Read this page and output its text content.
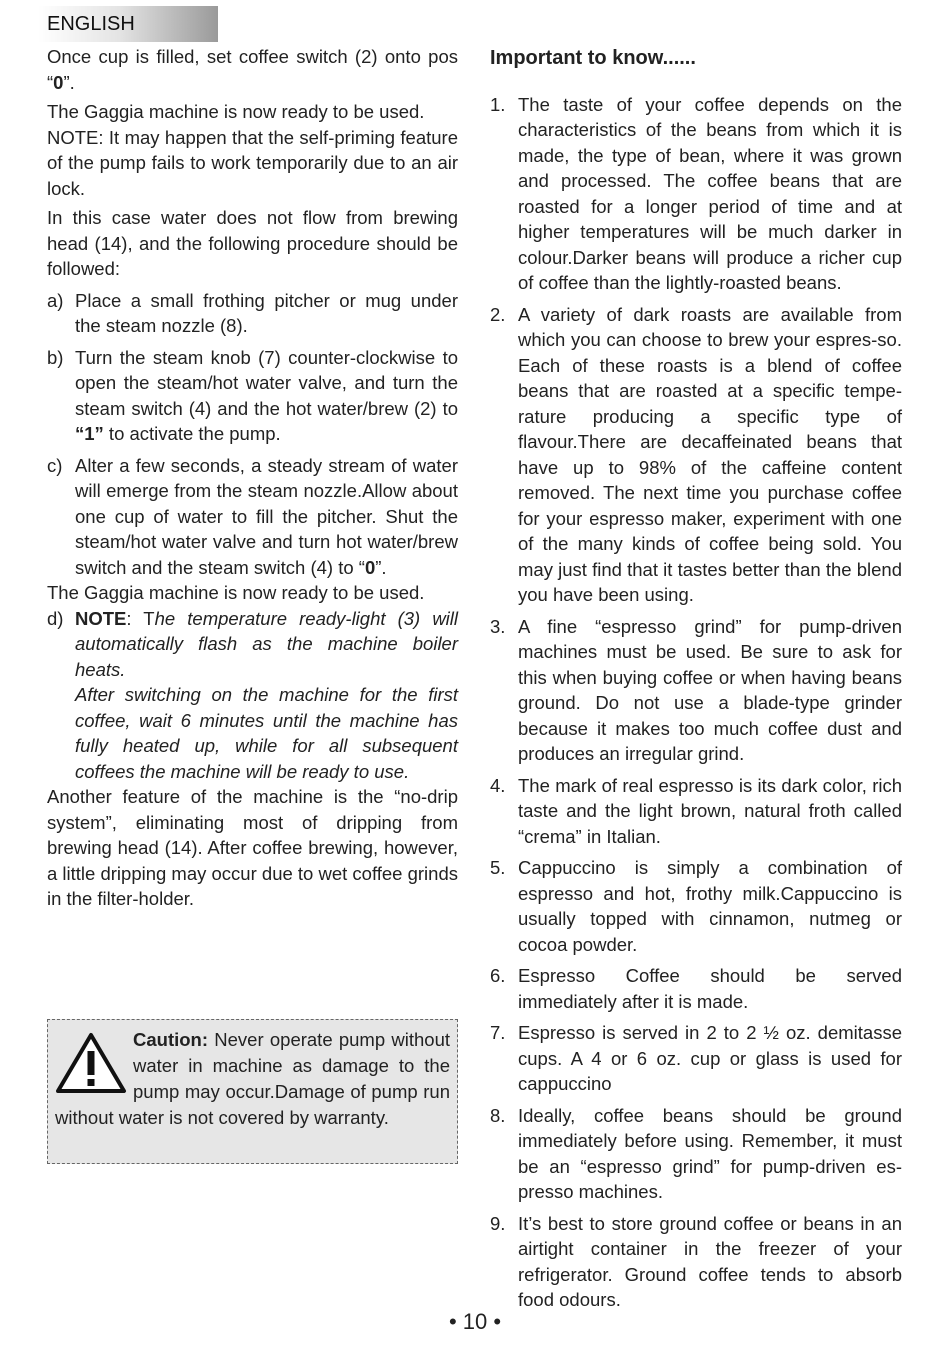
ENGLISH

Once cup is filled, set coffee switch (2) onto pos “0”.

The Gaggia machine is now ready to be used.

NOTE: It may happen that the self-priming feature of the pump fails to work temporarily due to an air lock.

In this case water does not flow from brewing head (14), and the following procedure should be followed:

a) Place a small frothing pitcher or mug under the steam nozzle (8).

b) Turn the steam knob (7) counter-clockwise to open the steam/hot water valve, and turn the steam switch (4) and the hot water/brew (2) to “1” to activate the pump.

c) Alter a few seconds, a steady stream of water will emerge from the steam nozzle.Allow about one cup of water to fill the pitcher. Shut the steam/hot water valve and turn hot water/brew switch and the steam switch (4) to “0”.

The Gaggia machine is now ready to be used.

d) NOTE: The temperature ready-light (3) will automatically flash as the machine boiler heats.

After switching on the machine for the first coffee, wait 6 minutes until the machine has fully heated up, while for all subsequent coffees the machine will be ready to use.

Another feature of the machine is the “no-drip system”, eliminating most of dripping from brewing head (14). After coffee brewing, however, a little dripping may occur due to wet coffee grinds in the filter-holder.

Caution: Never operate pump without water in machine as damage to the pump may occur.Damage of pump run without water is not covered by warranty.

Important to know......

1. The taste of your coffee depends on the characteristics of the beans from which it is made, the type of bean, where it was grown and processed. The coffee beans that are roasted for a longer period of time and at higher temperatures will be much darker in colour.Darker beans will produce a richer cup of coffee than the lightly-roasted beans.

2. A variety of dark roasts are available from which you can choose to brew your espres-so. Each of these roasts is a blend of coffee beans that are roasted at a specific tempe-rature producing a specific type of flavour.There are decaffeinated beans that have up to 98% of the caffeine content removed. The next time you purchase coffee for your espresso maker, experiment with one of the many kinds of coffee being sold. You may just find that it tastes better than the blend you have been using.

3. A fine “espresso grind” for pump-driven machines must be used. Be sure to ask for this when buying coffee or when having beans ground. Do not use a blade-type grinder because it makes too much coffee dust and produces an irregular grind.

4. The mark of real espresso is its dark color, rich taste and the light brown, natural froth called “crema” in Italian.

5. Cappuccino is simply a combination of espresso and hot, frothy milk.Cappuccino is usually topped with cinnamon, nutmeg or cocoa powder.

6. Espresso Coffee should be served immediately after it is made.

7. Espresso is served in 2 to 2 ½ oz. demitasse cups. A 4 or 6 oz. cup or glass is used for cappuccino

8. Ideally, coffee beans should be ground immediately before using. Remember, it must be an “espresso grind” for pump-driven es-presso machines.

9. It’s best to store ground coffee or beans in an airtight container in the freezer of your refrigerator. Ground coffee tends to absorb food odours.

• 10 •
